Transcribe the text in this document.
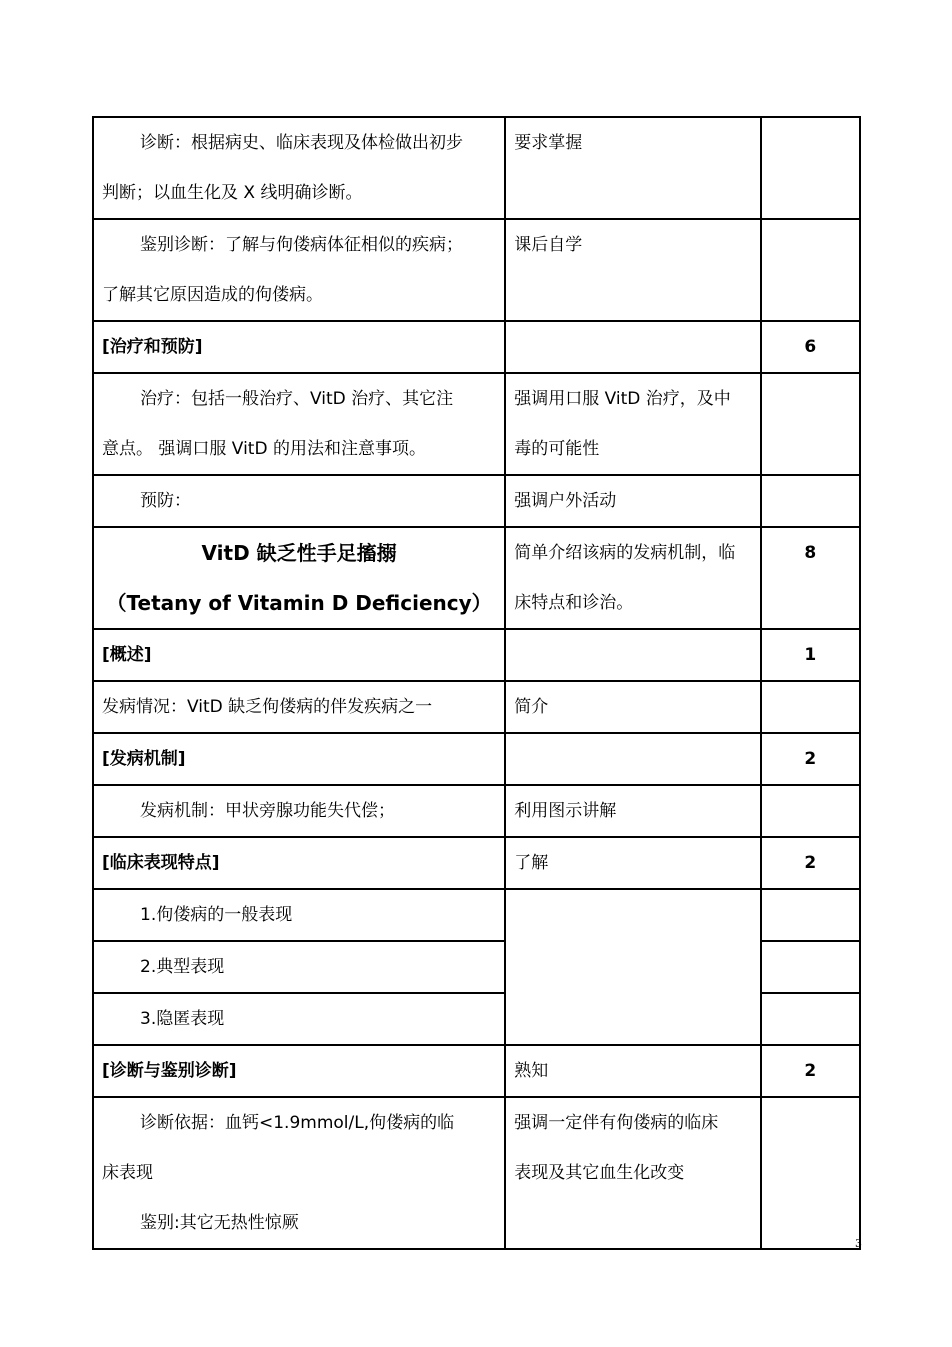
诊断：根据病史、临床表现及体检做出初步
判断；以血生化及 X 线明确诊断。	要求掌握	

鉴别诊断：了解与佝偻病体征相似的疾病；
了解其它原因造成的佝偻病。	课后自学	

[治疗和预防]		6

治疗：包括一般治疗、VitD 治疗、其它注
意点。 强调口服 VitD 的用法和注意事项。	强调用口服 VitD 治疗，及中
毒的可能性	

预防：	强调户外活动	

VitD 缺乏性手足搐搦
（Tetany of Vitamin D Deficiency）	简单介绍该病的发病机制，临
床特点和诊治。	8
[概述]		1

发病情况：VitD 缺乏佝偻病的伴发疾病之一	简介	

[发病机制]		2

发病机制：甲状旁腺功能失代偿；	利用图示讲解	

[临床表现特点]	了解	2

1.佝偻病的一般表现		

2.典型表现		

3.隐匿表现		

[诊断与鉴别诊断]	熟知	2

诊断依据：血钙<1.9mmol/L,佝偻病的临
床表现
鉴别:其它无热性惊厥	强调一定伴有佝偻病的临床
表现及其它血生化改变	

3
